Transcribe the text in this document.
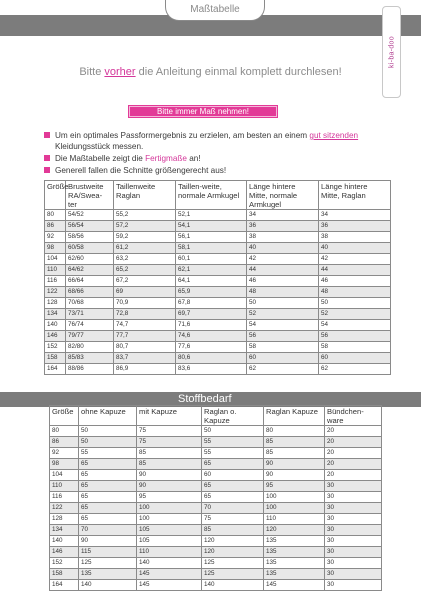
Maßtabelle
ki-ba-doo
Bitte vorher die Anleitung einmal komplett durchlesen!
Bitte immer Maß nehmen!
Um ein optimales Passformergebnis zu erzielen, am besten an einem gut sitzenden Kleidungsstück messen.
Die Maßtabelle zeigt die Fertigmaße an!
Generell fallen die Schnitte größengerecht aus!
Größe	Brustweite RA/Swea-ter	Taillenweite Raglan	Taillen-weite, normale Armkugel	Länge hintere Mitte, normale Armkugel	Länge hintere Mitte, Raglan
80	54/52	55,2	52,1	34	34
86	56/54	57,2	54,1	36	36
92	58/56	59,2	56,1	38	38
98	60/58	61,2	58,1	40	40
104	62/60	63,2	60,1	42	42
110	64/62	65,2	62,1	44	44
116	66/64	67,2	64,1	46	46
122	68/66	69	65,9	48	48
128	70/68	70,9	67,8	50	50
134	73/71	72,8	69,7	52	52
140	76/74	74,7	71,6	54	54
146	79/77	77,7	74,6	56	56
152	82/80	80,7	77,6	58	58
158	85/83	83,7	80,6	60	60
164	88/86	86,9	83,6	62	62
Stoffbedarf
Größe	ohne Kapuze	mit Kapuze	Raglan o. Kapuze	Raglan Kapuze	Bündchen-ware
80	50	75	50	80	20
86	50	75	55	85	20
92	55	85	55	85	20
98	65	85	65	90	20
104	65	90	60	90	20
110	65	90	65	95	30
116	65	95	65	100	30
122	65	100	70	100	30
128	65	100	75	110	30
134	70	105	85	120	30
140	90	105	120	135	30
146	115	110	120	135	30
152	125	140	125	135	30
158	135	145	125	135	30
164	140	145	140	145	30
